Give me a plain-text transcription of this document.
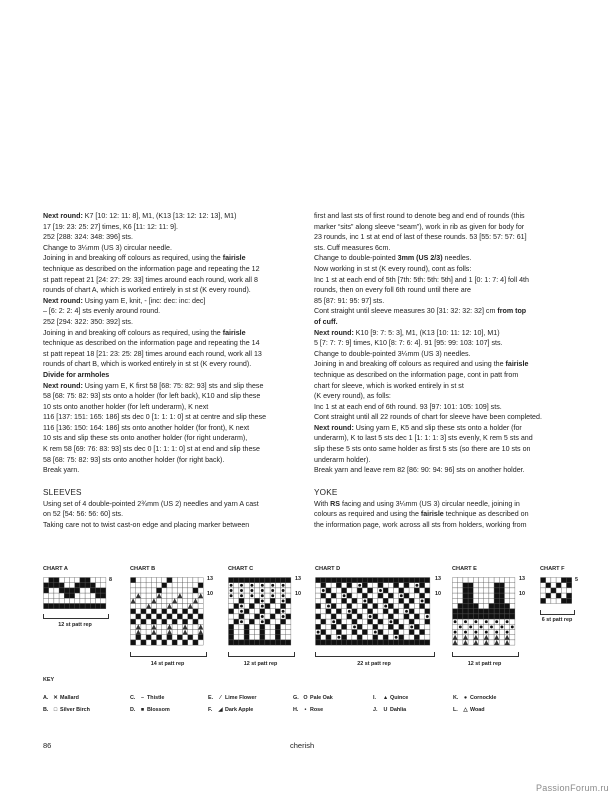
Next round: K7 [10: 12: 11: 8], M1, (K13 [13: 12: 12: 13], M1)
17 [19: 23: 25: 27] times, K6 [11: 12: 11: 9].
252 [288: 324: 348: 396] sts.
Change to 3¼mm (US 3) circular needle.
Joining in and breaking off colours as required, using the fairisle
technique as described on the information page and repeating the 12
st patt repeat 21 [24: 27: 29: 33] times around each round, work all 8
rounds of chart A, which is worked entirely in st st (K every round).
Next round: Using yarn E, knit, - [inc: dec: inc: dec]
– [6: 2: 2: 4] sts evenly around round.
252 [294: 322: 350: 392] sts.
Joining in and breaking off colours as required, using the fairisle
technique as described on the information page and repeating the 14
st patt repeat 18 [21: 23: 25: 28] times around each round, work all 13
rounds of chart B, which is worked entirely in st st (K every round).
Divide for armholes
Next round: Using yarn E, K first 58 [68: 75: 82: 93] sts and slip these
58 [68: 75: 82: 93] sts onto a holder (for left back), K10 and slip these
10 sts onto another holder (for left underarm), K next
116 [137: 151: 165: 186] sts dec 0 [1: 1: 1: 0] st at centre and slip these
116 [136: 150: 164: 186] sts onto another holder (for front), K next
10 sts and slip these sts onto another holder (for right underarm),
K rem 58 [69: 76: 83: 93] sts dec 0 [1: 1: 1: 0] st at end and slip these
58 [68: 75: 82: 93] sts onto another holder (for right back).
Break yarn.
SLEEVES
Using set of 4 double-pointed 2¾mm (US 2) needles and yarn A cast
on 52 [54: 56: 56: 60] sts.
Taking care not to twist cast-on edge and placing marker between
first and last sts of first round to denote beg and end of rounds (this
marker “sits” along sleeve “seam”), work in rib as given for body for
23 rounds, inc 1 st at end of last of these rounds. 53 [55: 57: 57: 61]
sts. Cuff measures 6cm.
Change to double-pointed 3mm (US 2/3) needles.
Now working in st st (K every round), cont as folls:
Inc 1 st at each end of 5th [7th: 5th: 5th: 5th] and 1 [0: 1: 7: 4] foll 4th
rounds, then on every foll 6th round until there are
85 [87: 91: 95: 97] sts.
Cont straight until sleeve measures 30 [31: 32: 32: 32] cm from top
of cuff.
Next round: K10 [9: 7: 5: 3], M1, (K13 [10: 11: 12: 10], M1)
5 [7: 7: 7: 9] times, K10 [8: 7: 6: 4]. 91 [95: 99: 103: 107] sts.
Change to double-pointed 3¼mm (US 3) needles.
Joining in and breaking off colours as required and using the fairisle
technique as described on the information page, cont in patt from
chart for sleeve, which is worked entirely in st st
(K every round), as folls:
Inc 1 st at each end of 6th round. 93 [97: 101: 105: 109] sts.
Cont straight until all 22 rounds of chart for sleeve have been completed.
Next round: Using yarn E, K5 and slip these sts onto a holder (for
underarm), K to last 5 sts dec 1 [1: 1: 1: 3] sts evenly, K rem 5 sts and
slip these 5 sts onto same holder as first 5 sts (so there are 10 sts on
underarm holder).
Break yarn and leave rem 82 [86: 90: 94: 96] sts on another holder.
YOKE
With RS facing and using 3¼mm (US 3) circular needle, joining in
colours as required and using the fairisle technique as described on
the information page, work across all sts from holders, working from
CHART A
8
12 st patt rep
CHART B
13
10
14 st patt rep
CHART C
13
10
12 st patt rep
CHART D
13
10
22 st patt rep
CHART E
13
10
12 st patt rep
CHART F
5
6 st patt rep
KEY
A. ✕ Mallard	C. – Thistle	E. ⁄ Lime Flower	G. O Pale Oak	I. ▲ Quince	K. ● Cornockle
B. □ Silver Birch	D. ■ Blossom	F. ◢ Dark Apple	H. • Rose	J. U Dahlia	L. △ Woad
86	cherish
PassionForum.ru
